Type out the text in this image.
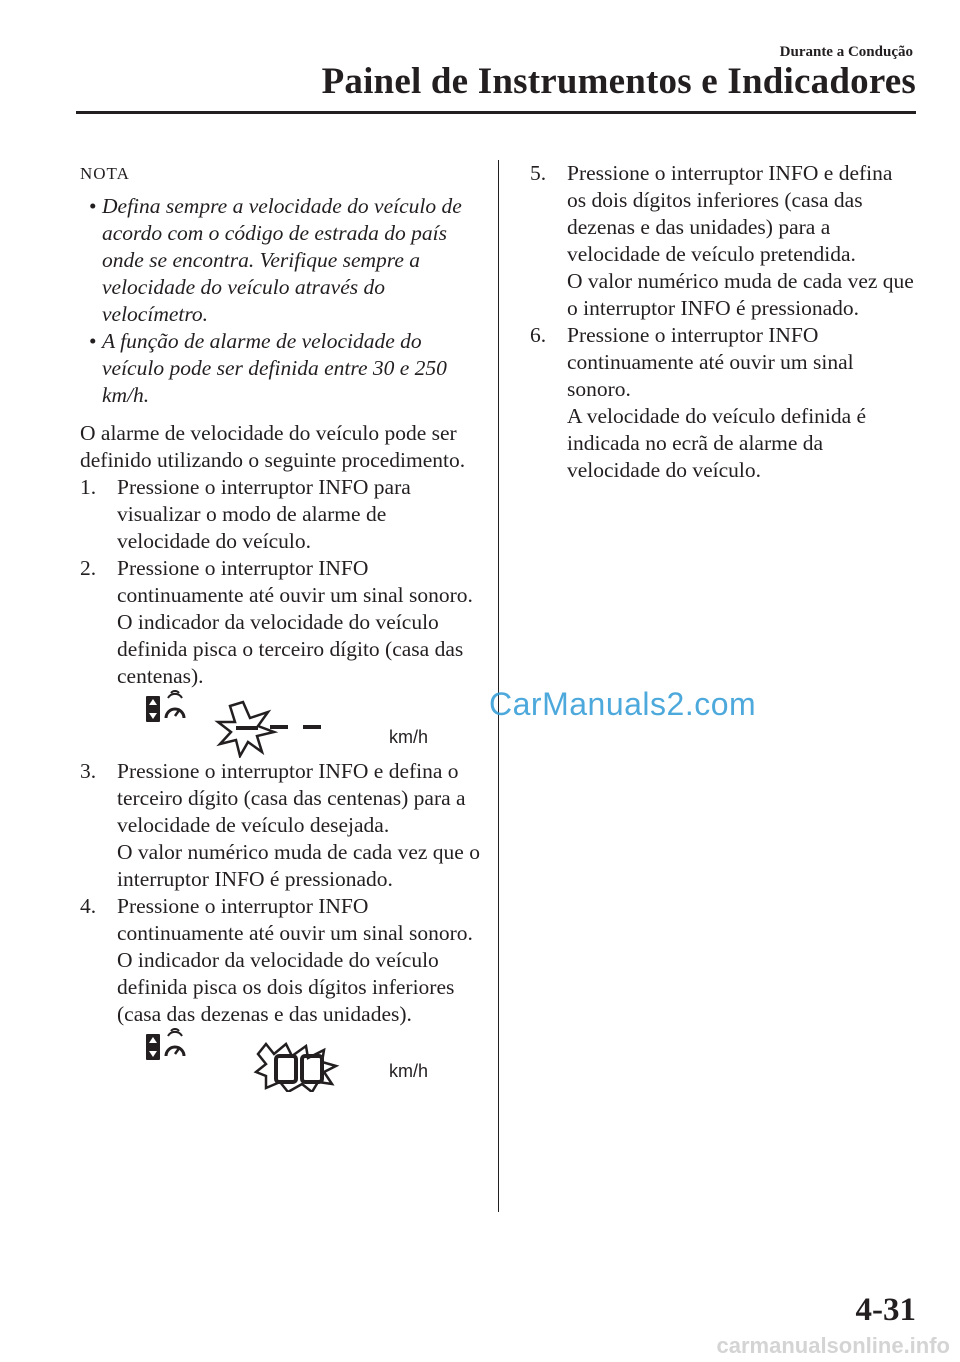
Durante a Condução
Painel de Instrumentos e Indicadores
NOTA
• Defina sempre a velocidade do veículo de acordo com o código de estrada do país onde se encontra. Verifique sempre a velocidade do veículo através do velocímetro.
• A função de alarme de velocidade do veículo pode ser definida entre 30 e 250 km/h.
O alarme de velocidade do veículo pode ser definido utilizando o seguinte procedimento.
1. Pressione o interruptor INFO para visualizar o modo de alarme de velocidade do veículo.
2. Pressione o interruptor INFO continuamente até ouvir um sinal sonoro.
O indicador da velocidade do veículo definida pisca o terceiro dígito (casa das centenas).
km/h
3. Pressione o interruptor INFO e defina o terceiro dígito (casa das centenas) para a velocidade de veículo desejada.
O valor numérico muda de cada vez que o interruptor INFO é pressionado.
4. Pressione o interruptor INFO continuamente até ouvir um sinal sonoro.
O indicador da velocidade do veículo definida pisca os dois dígitos inferiores (casa das dezenas e das unidades).
km/h
5. Pressione o interruptor INFO e defina os dois dígitos inferiores (casa das dezenas e das unidades) para a velocidade de veículo pretendida.
O valor numérico muda de cada vez que o interruptor INFO é pressionado.
6. Pressione o interruptor INFO continuamente até ouvir um sinal sonoro.
A velocidade do veículo definida é indicada no ecrã de alarme da velocidade do veículo.
CarManuals2.com
4-31
carmanualsonline.info
